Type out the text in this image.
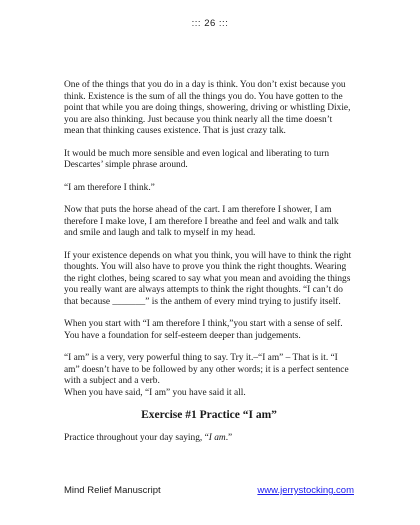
::: 26 :::

One of the things that you do in a day is think. You don’t exist because you think. Existence is the sum of all the things you do. You have gotten to the point that while you are doing things, showering, driving or whistling Dixie, you are also thinking. Just because you think nearly all the time doesn’t mean that thinking causes existence. That is just crazy talk.

It would be much more sensible and even logical and liberating to turn Descartes’ simple phrase around.

“I am therefore I think.”

Now that puts the horse ahead of the cart. I am therefore I shower, I am therefore I make love, I am therefore I breathe and feel and walk and talk and smile and laugh and talk to myself in my head.

If your existence depends on what you think, you will have to think the right thoughts. You will also have to prove you think the right thoughts. Wearing the right clothes, being scared to say what you mean and avoiding the things you really want are always attempts to think the right thoughts. “I can’t do that because _______” is the anthem of every mind trying to justify itself.

When you start with “I am therefore I think,”you start with a sense of self. You have a foundation for self-esteem deeper than judgements.

“I am” is a very, very powerful thing to say. Try it.–“I am” – That is it. “I am” doesn’t have to be followed by any other words; it is a perfect sentence with a subject and a verb.

When you have said, “I am” you have said it all.

Exercise #1 Practice “I am”

Practice throughout your day saying, “I am.”

Mind Relief Manuscript	www.jerrystocking.com
